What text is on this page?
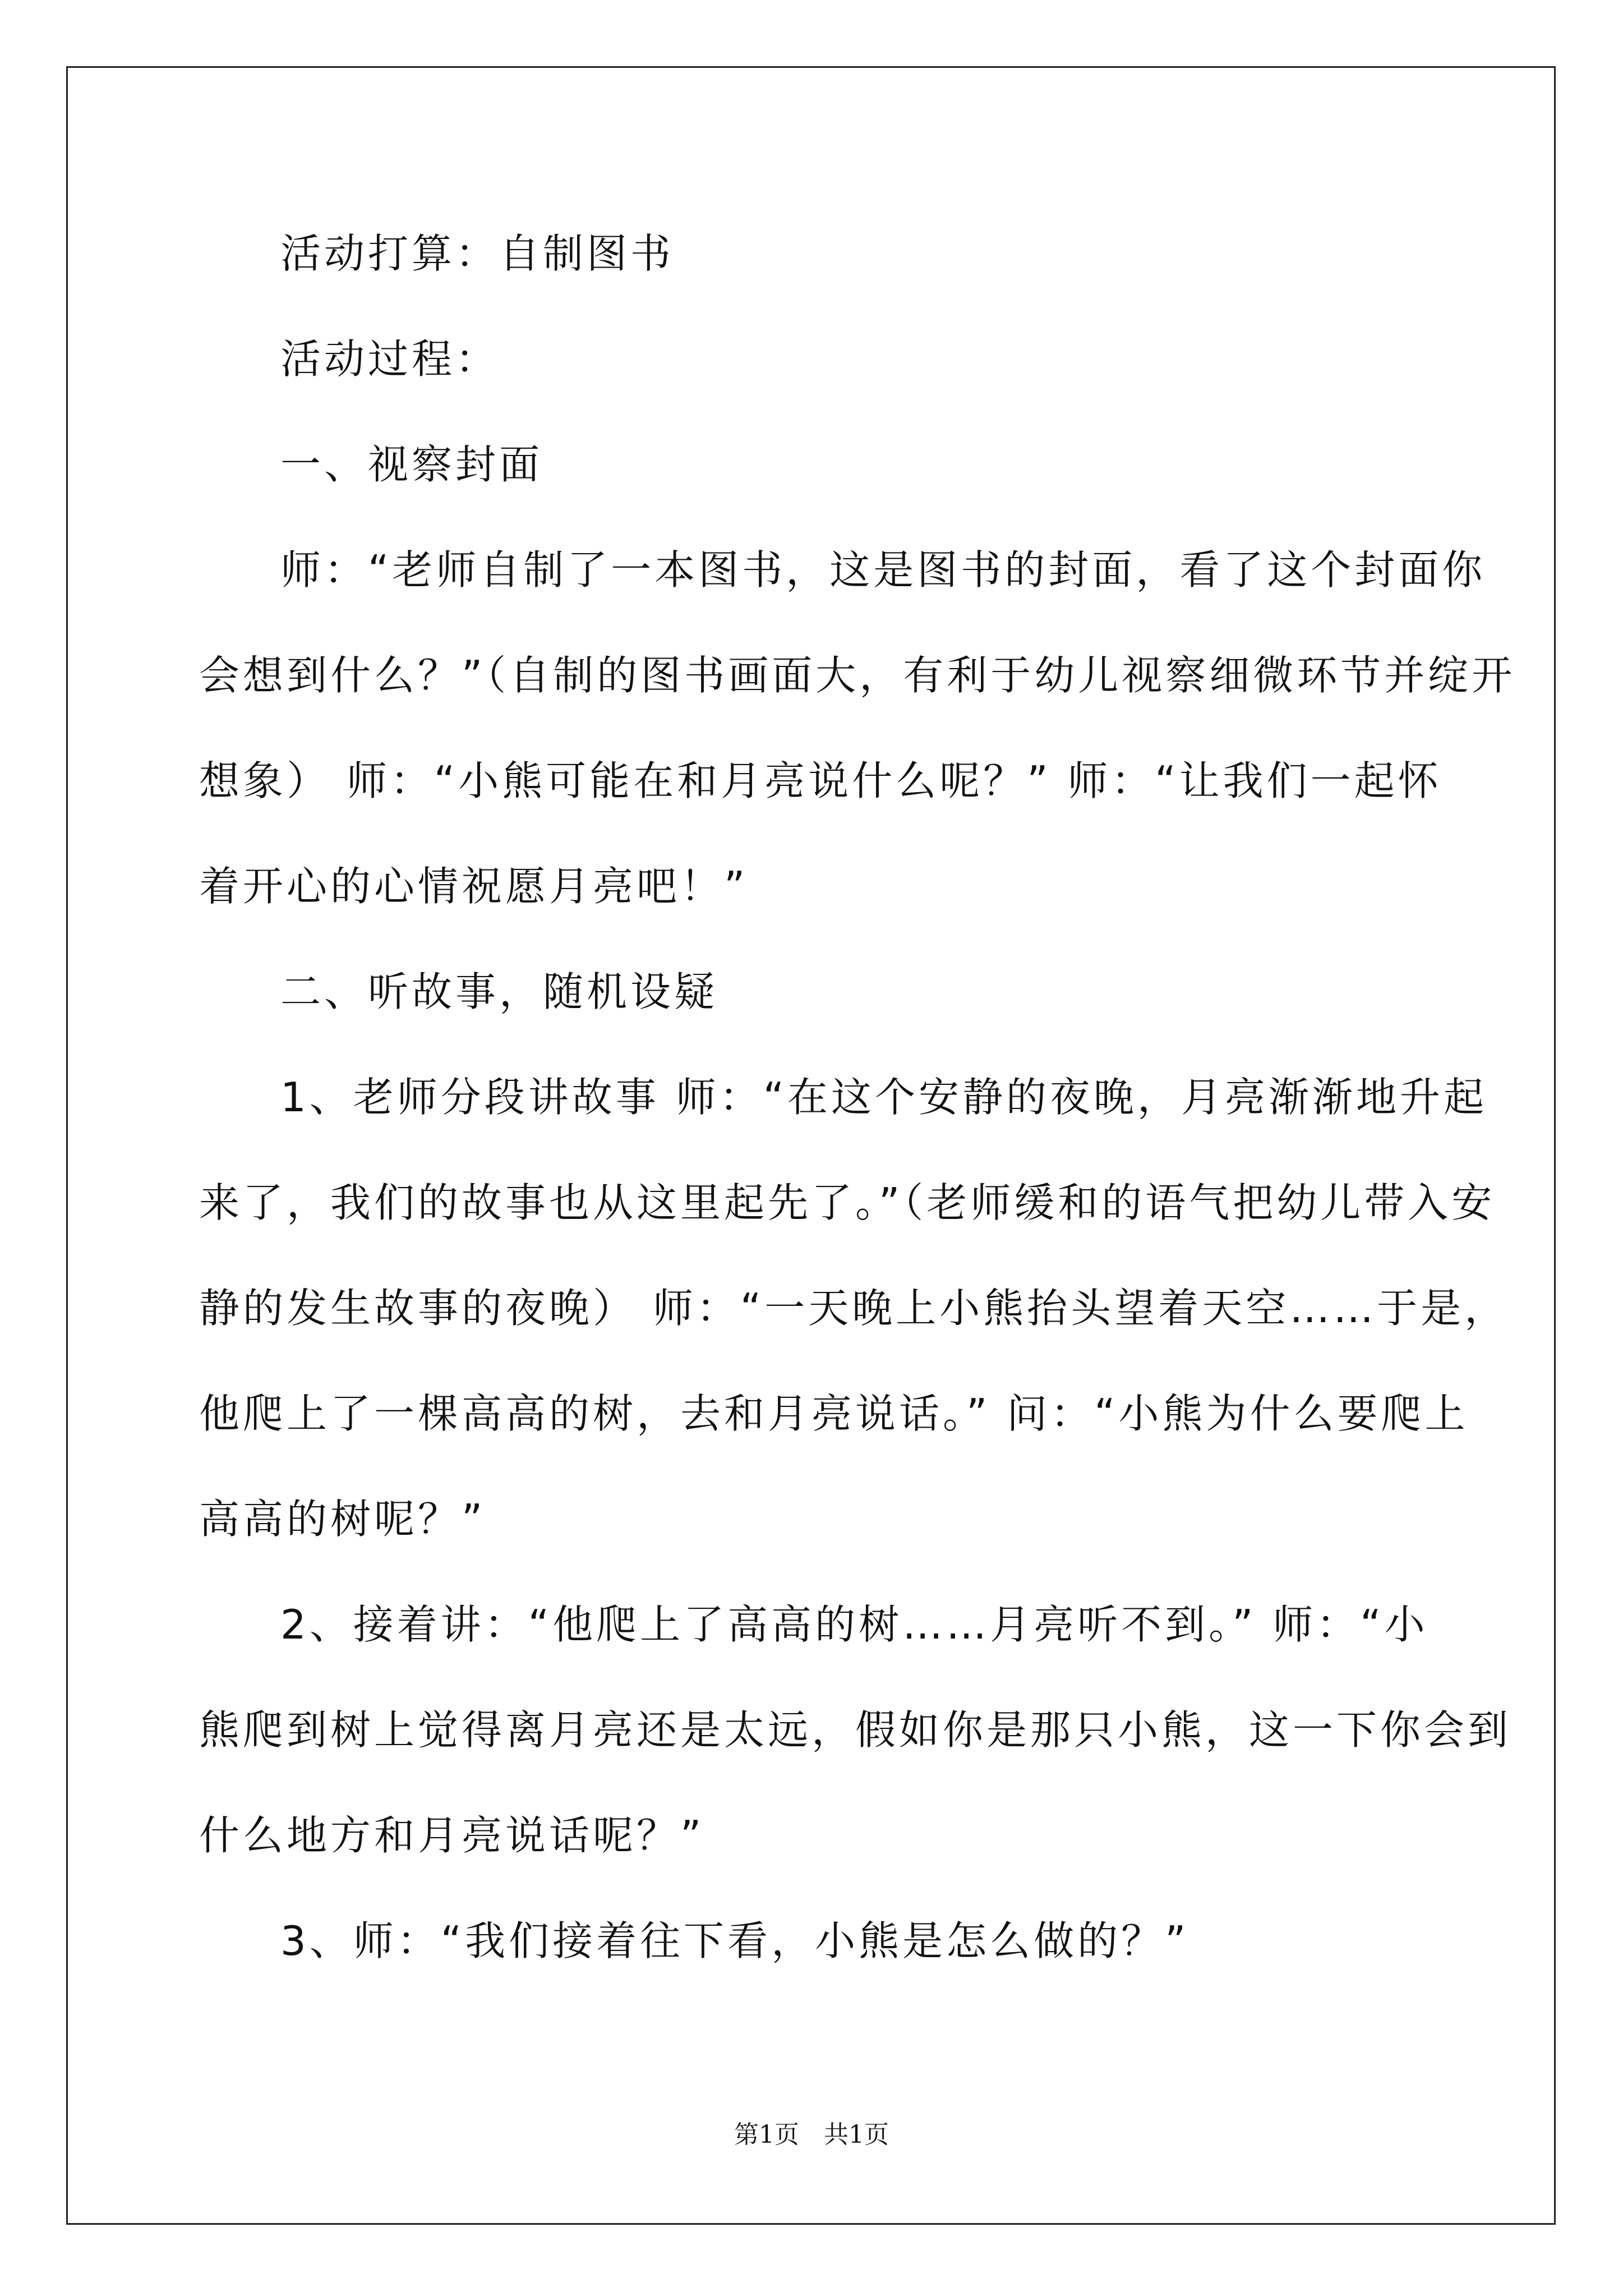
活动打算：自制图书
活动过程：
一、视察封面
师：“老师自制了一本图书，这是图书的封面，看了这个封面你
会想到什么？”（自制的图书画面大，有利于幼儿视察细微环节并绽开
想象） 师：“小熊可能在和月亮说什么呢？” 师：“让我们一起怀
着开心的心情祝愿月亮吧！”
二、听故事，随机设疑
1、老师分段讲故事 师：“在这个安静的夜晚，月亮渐渐地升起
来了，我们的故事也从这里起先了。”（老师缓和的语气把幼儿带入安
静的发生故事的夜晚） 师：“一天晚上小熊抬头望着天空……于是，
他爬上了一棵高高的树，去和月亮说话。” 问：“小熊为什么要爬上
高高的树呢？”
2、接着讲：“他爬上了高高的树……月亮听不到。” 师：“小
熊爬到树上觉得离月亮还是太远，假如你是那只小熊，这一下你会到
什么地方和月亮说话呢？”
3、师：“我们接着往下看，小熊是怎么做的？”
第1页　共1页
